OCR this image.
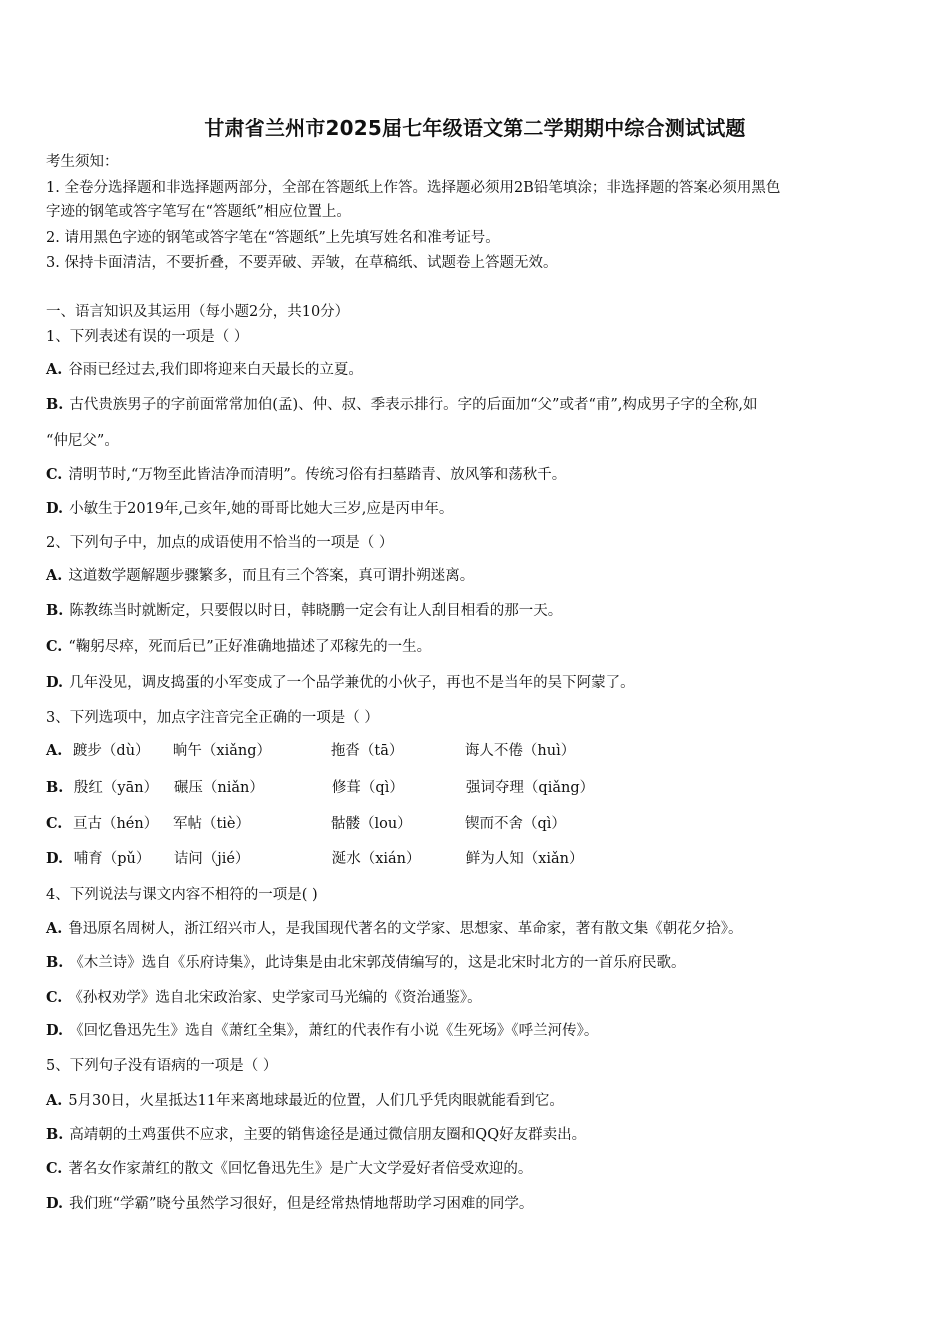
甘肃省兰州市2025届七年级语文第二学期期中综合测试试题
考生须知：
1. 全卷分选择题和非选择题两部分，全部在答题纸上作答。选择题必须用2B铅笔填涂；非选择题的答案必须用黑色
字迹的钢笔或答字笔写在“答题纸”相应位置上。
2. 请用黑色字迹的钢笔或答字笔在“答题纸”上先填写姓名和准考证号。
3. 保持卡面清洁，不要折叠，不要弄破、弄皱，在草稿纸、试题卷上答题无效。
一、语言知识及其运用（每小题2分，共10分）
1、下列表述有误的一项是（ ）
A. 谷雨已经过去,我们即将迎来白天最长的立夏。
B. 古代贵族男子的字前面常常加伯(孟)、仲、叔、季表示排行。字的后面加“父”或者“甫”,构成男子字的全称,如
“仲尼父”。
C. 清明节时,“万物至此皆洁净而清明”。传统习俗有扫墓踏青、放风筝和荡秋千。
D. 小敏生于2019年,己亥年,她的哥哥比她大三岁,应是丙申年。
2、下列句子中，加点的成语使用不恰当的一项是（ ）
A. 这道数学题解题步骤繁多，而且有三个答案，真可谓扑朔迷离。
B. 陈教练当时就断定，只要假以时日，韩晓鹏一定会有让人刮目相看的那一天。
C. “鞠躬尽瘁，死而后已”正好准确地描述了邓稼先的一生。
D. 几年没见，调皮捣蛋的小军变成了一个品学兼优的小伙子，再也不是当年的吴下阿蒙了。
3、下列选项中，加点字注音完全正确的一项是（ ）
A. 踱步（dù） 晌午（xiǎng）	拖沓（tā）	诲人不倦（huì）
B. 殷红（yān） 碾压（niǎn）	修葺（qì）	强词夺理（qiǎng）
C. 亘古（hén） 军帖（tiè）	骷髅（lou）	锲而不舍（qì）
D. 哺育（pǔ） 诘问（jié）	涎水（xián）	鲜为人知（xiǎn）
4、下列说法与课文内容不相符的一项是( )
A. 鲁迅原名周树人，浙江绍兴市人，是我国现代著名的文学家、思想家、革命家，著有散文集《朝花夕拾》。
B. 《木兰诗》选自《乐府诗集》，此诗集是由北宋郭茂倩编写的，这是北宋时北方的一首乐府民歌。
C. 《孙权劝学》选自北宋政治家、史学家司马光编的《资治通鉴》。
D. 《回忆鲁迅先生》选自《萧红全集》，萧红的代表作有小说《生死场》《呼兰河传》。
5、下列句子没有语病的一项是（ ）
A. 5月30日，火星抵达11年来离地球最近的位置，人们几乎凭肉眼就能看到它。
B. 高靖朝的土鸡蛋供不应求，主要的销售途径是通过微信朋友圈和QQ好友群卖出。
C. 著名女作家萧红的散文《回忆鲁迅先生》是广大文学爱好者倍受欢迎的。
D. 我们班“学霸”晓兮虽然学习很好，但是经常热情地帮助学习困难的同学。
